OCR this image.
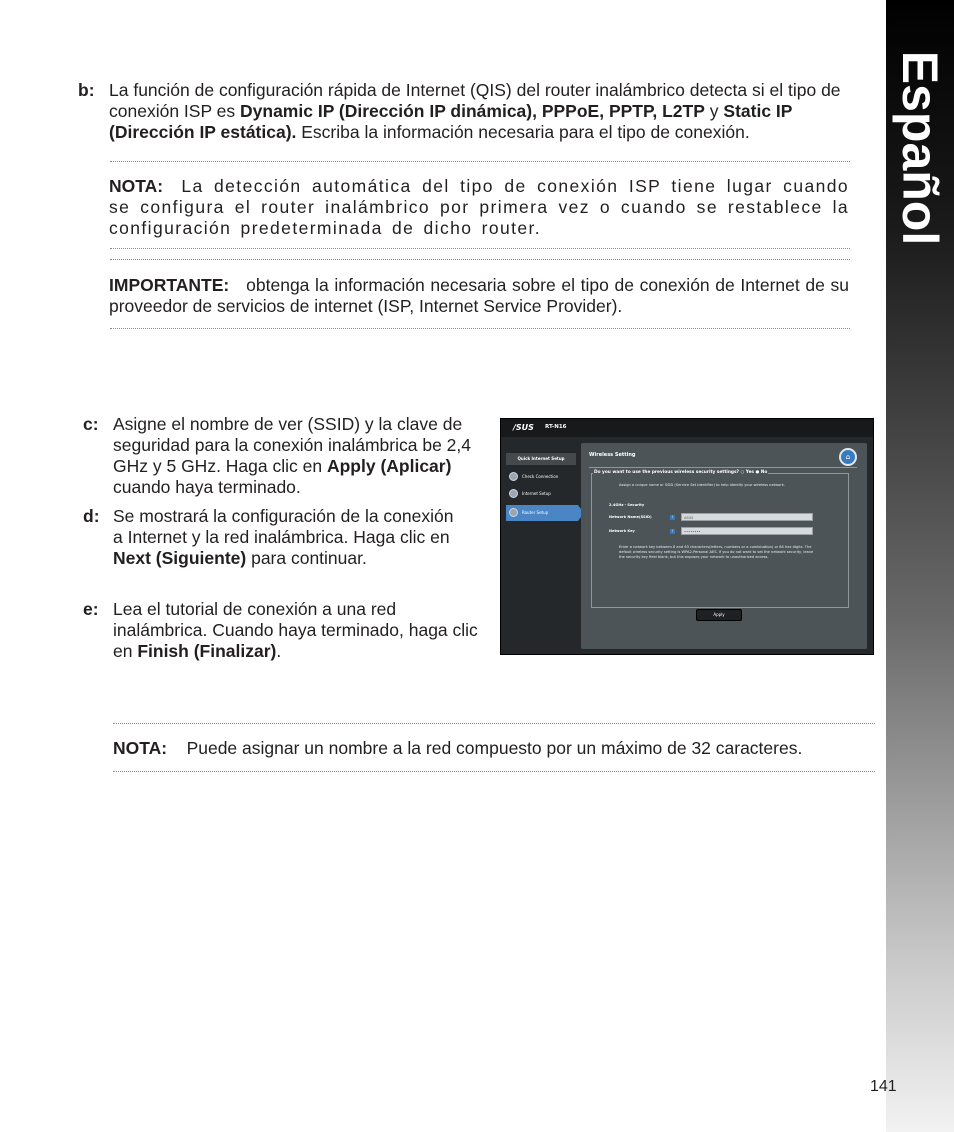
Español
b: La función de configuración rápida de Internet (QIS) del router inalámbrico detecta si el tipo de conexión ISP es Dynamic IP (Dirección IP dinámica), PPPoE, PPTP, L2TP y Static IP (Dirección IP estática). Escriba la información necesaria para el tipo de conexión.
NOTA: La detección automática del tipo de conexión ISP tiene lugar cuando se configura el router inalámbrico por primera vez o cuando se restablece la configuración predeterminada de dicho router.
IMPORTANTE: obtenga la información necesaria sobre el tipo de conexión de Internet de su proveedor de servicios de internet (ISP, Internet Service Provider).
c: Asigne el nombre de ver (SSID) y la clave de seguridad para la conexión inalámbrica be 2,4 GHz y 5 GHz. Haga clic en Apply (Aplicar) cuando haya terminado.
d: Se mostrará la configuración de la conexión a Internet y la red inalámbrica. Haga clic en Next (Siguiente) para continuar.
e: Lea el tutorial de conexión a una red inalámbrica. Cuando haya terminado, haga clic en Finish (Finalizar).
/SUS RT-N16
Quick Internet Setup
Check Connection
Internet Setup
Router Setup
Wireless Setting	⌂
Do you want to use the previous wireless security settings? ○ Yes ● No
Assign a unique name or SSID (Service Set Identifier) to help identify your wireless network.
2.4GHz - Security
Network Name(SSID)	i	ASUS
Network Key	i	••••••••
Enter a network key between 8 and 63 characters(letters, numbers or a combination) or 64 hex digits. The default wireless security setting is WPA2-Personal AES. If you do not want to set the network security, leave the security key field blank, but this exposes your network to unauthorized access.
Apply
NOTA: Puede asignar un nombre a la red compuesto por un máximo de 32 caracteres.
141
